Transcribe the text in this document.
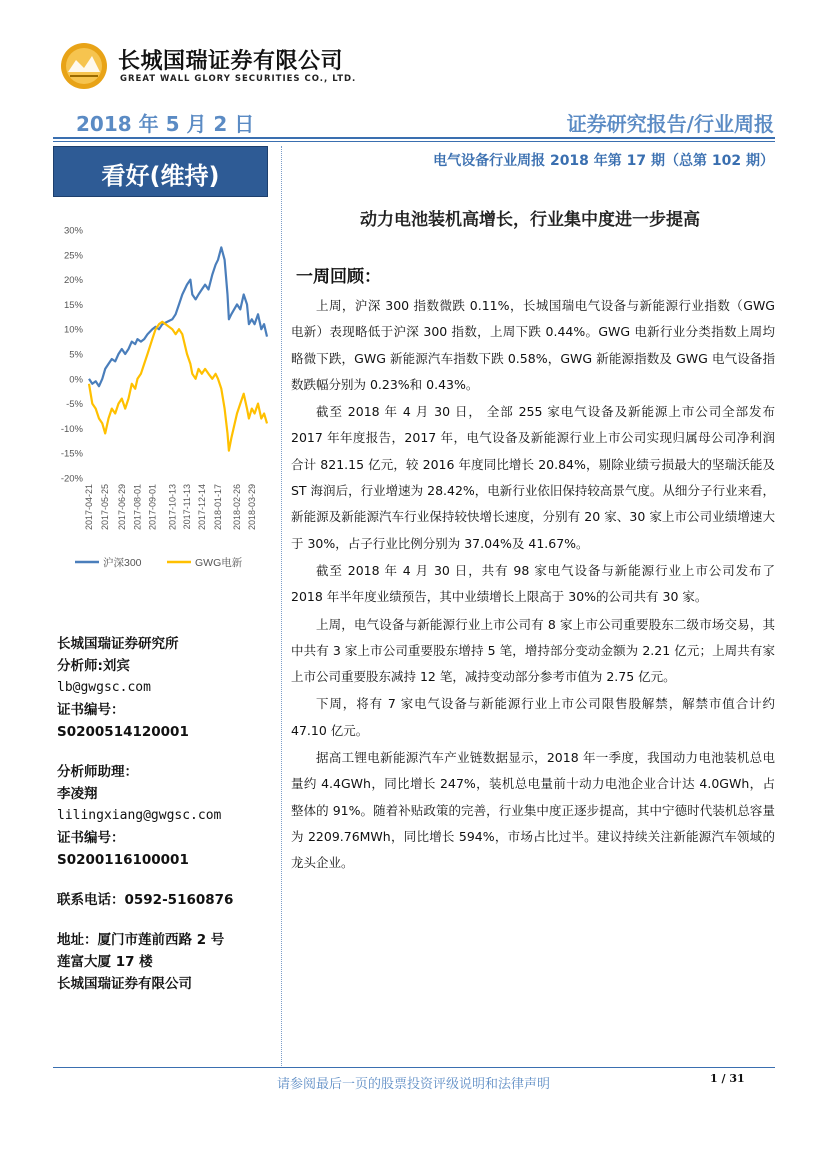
长城国瑞证券有限公司
GREAT WALL GLORY SECURITIES CO., LTD.
2018 年 5 月 2 日	证券研究报告/行业周报
看好(维持)
电气设备行业周报 2018 年第 17 期（总第 102 期）
30%
25%
20%
15%
10%
5%
0%
-5%
-10%
-15%
-20%
2017-04-21 2017-05-25 2017-06-29 2017-08-01 2017-09-01 2017-10-13 2017-11-13 2017-12-14 2018-01-17 2018-02-26 2018-03-29
沪深300	GWG电新
长城国瑞证券研究所
分析师:刘宾
lb@gwgsc.com
证书编号：
S0200514120001
分析师助理：
李凌翔
lilingxiang@gwgsc.com
证书编号：
S0200116100001
联系电话：0592-5160876
地址：厦门市莲前西路 2 号
莲富大厦 17 楼
长城国瑞证券有限公司
动力电池装机高增长，行业集中度进一步提高
一周回顾：

上周，沪深 300 指数微跌 0.11%，长城国瑞电气设备与新能源行业指数（GWG 电新）表现略低于沪深 300 指数，上周下跌 0.44%。GWG 电新行业分类指数上周均略微下跌，GWG 新能源汽车指数下跌 0.58%，GWG 新能源指数及 GWG 电气设备指数跌幅分别为 0.23%和 0.43%。

截至 2018 年 4 月 30 日， 全部 255 家电气设备及新能源上市公司全部发布 2017 年年度报告，2017 年，电气设备及新能源行业上市公司实现归属母公司净利润合计 821.15 亿元，较 2016 年度同比增长 20.84%，剔除业绩亏损最大的坚瑞沃能及 ST 海润后，行业增速为 28.42%，电新行业依旧保持较高景气度。从细分子行业来看，新能源及新能源汽车行业保持较快增长速度，分别有 20 家、30 家上市公司业绩增速大于 30%，占子行业比例分别为 37.04%及 41.67%。

截至 2018 年 4 月 30 日，共有 98 家电气设备与新能源行业上市公司发布了 2018 年半年度业绩预告，其中业绩增长上限高于 30%的公司共有 30 家。

上周，电气设备与新能源行业上市公司有 8 家上市公司重要股东二级市场交易，其中共有 3 家上市公司重要股东增持 5 笔，增持部分变动金额为 2.21 亿元；上周共有家上市公司重要股东减持 12 笔，减持变动部分参考市值为 2.75 亿元。

下周，将有 7 家电气设备与新能源行业上市公司限售股解禁，解禁市值合计约 47.10 亿元。

据高工锂电新能源汽车产业链数据显示，2018 年一季度，我国动力电池装机总电量约 4.4GWh，同比增长 247%，装机总电量前十动力电池企业合计达 4.0GWh，占整体的 91%。随着补贴政策的完善，行业集中度正逐步提高，其中宁德时代装机总容量为 2209.76MWh，同比增长 594%，市场占比过半。建议持续关注新能源汽车领域的龙头企业。

请参阅最后一页的股票投资评级说明和法律声明	1 / 31
